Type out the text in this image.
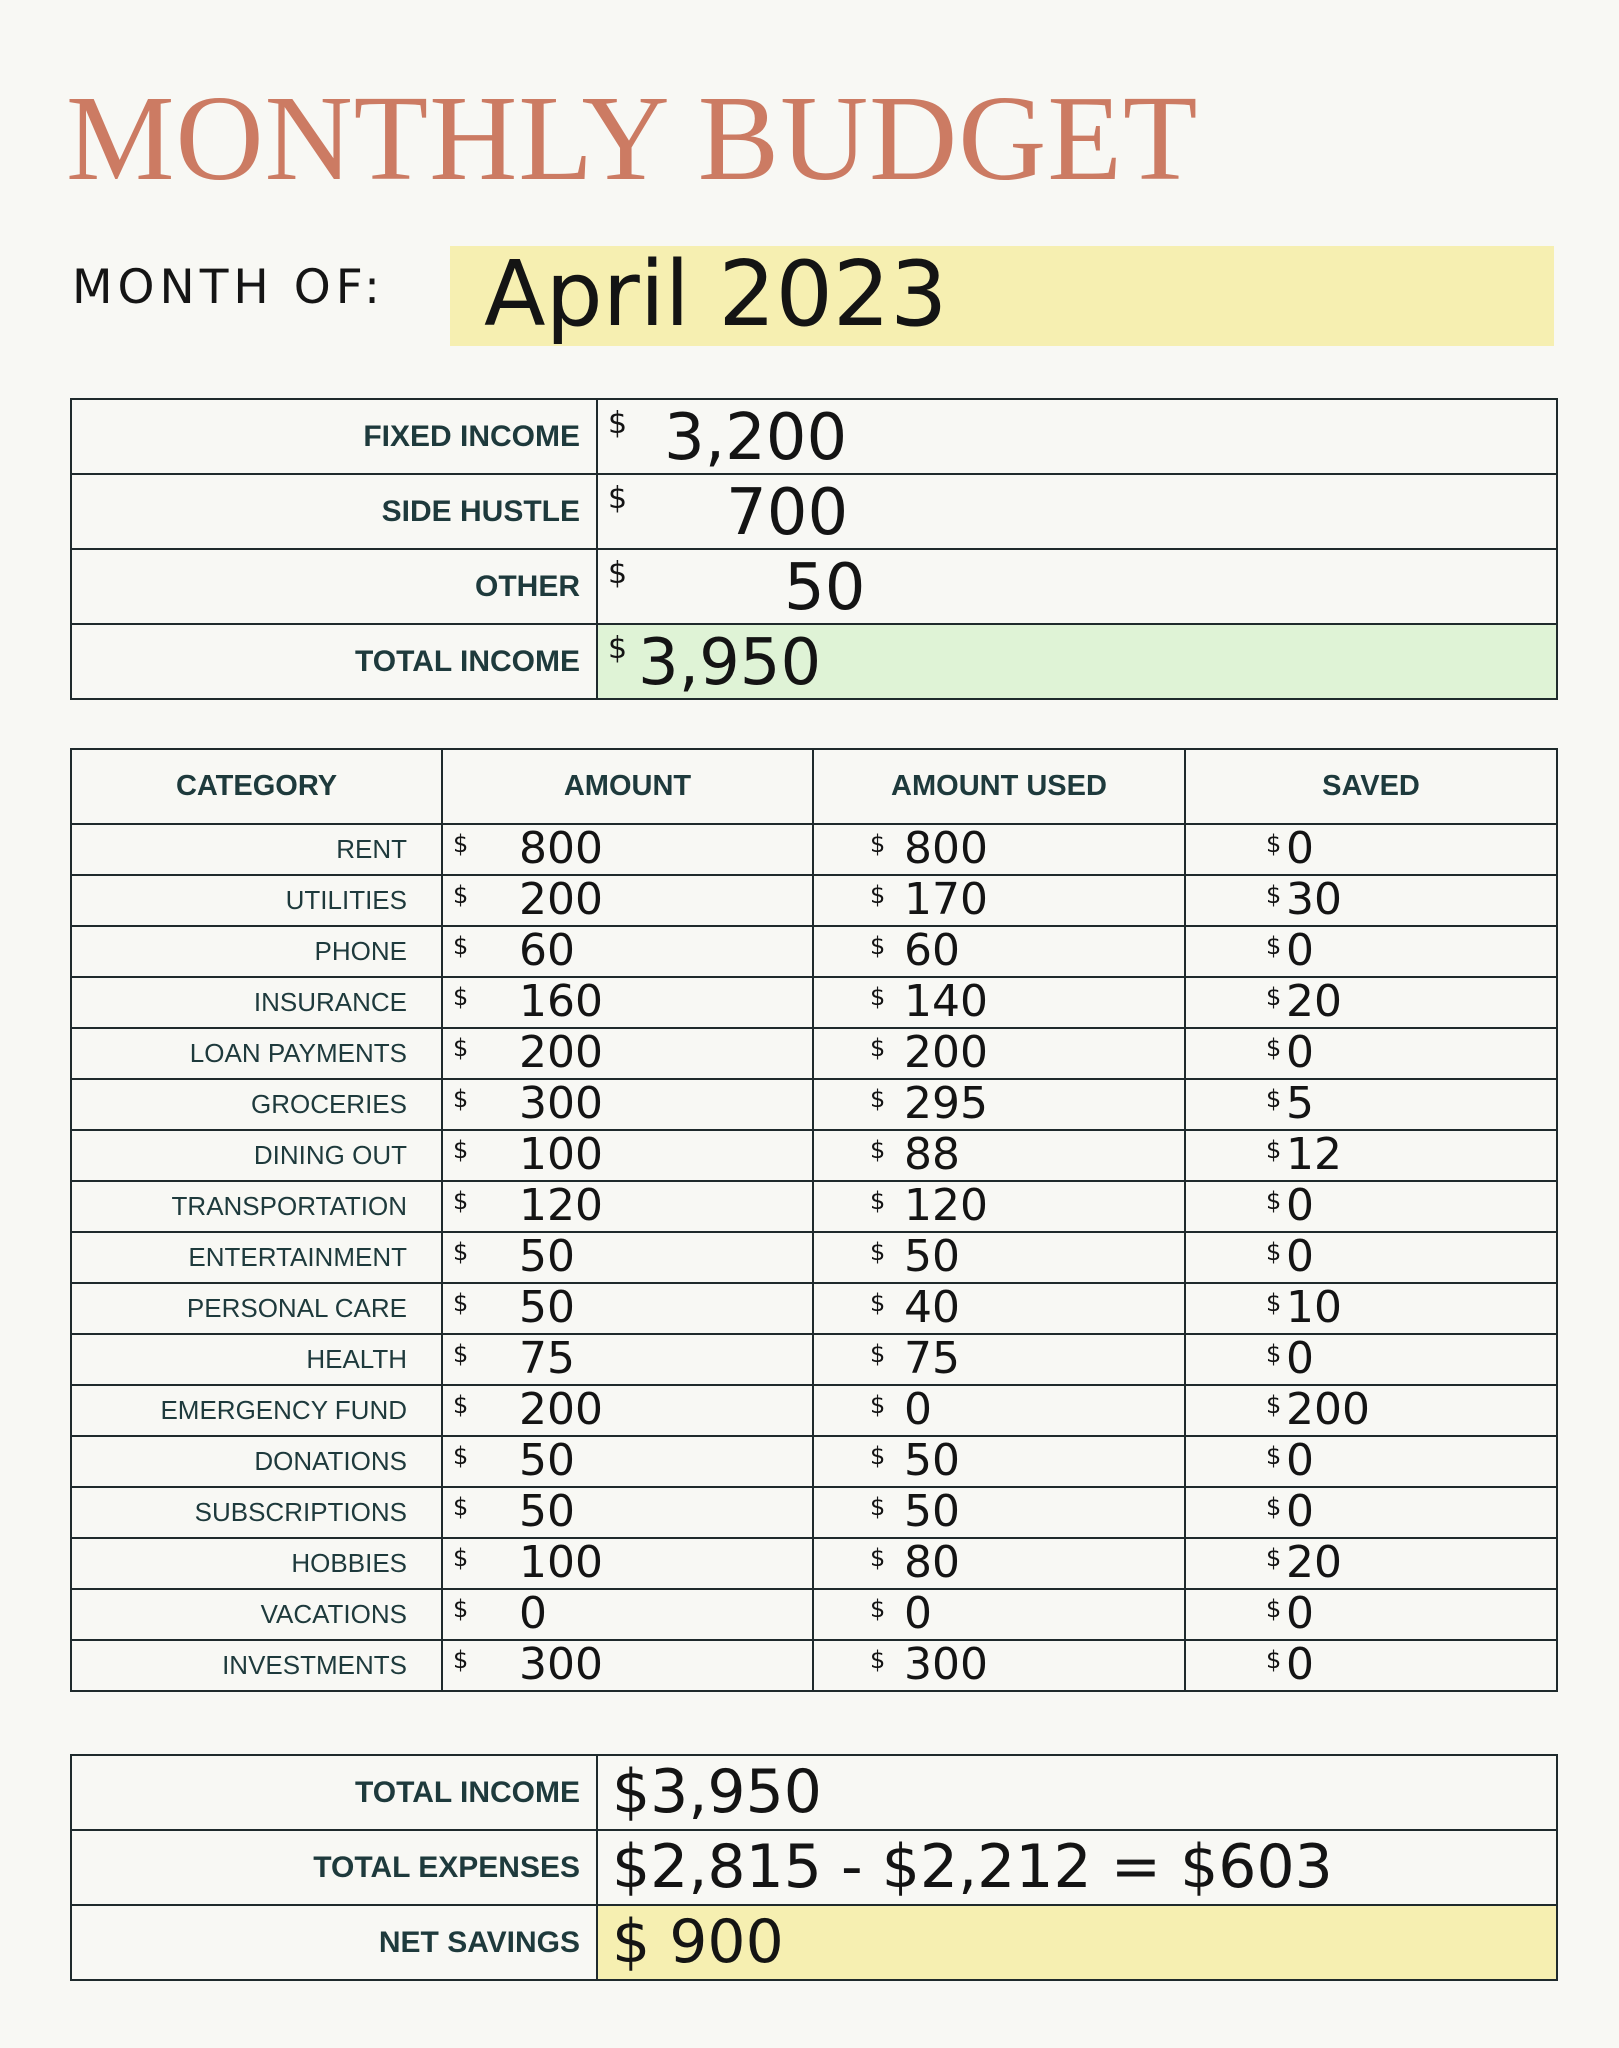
MONTHLY BUDGET
MONTH OF: April 2023
FIXED INCOME	$ 3,200

SIDE HUSTLE	$ 700

OTHER	$ 50

TOTAL INCOME	$ 3,950
CATEGORY	AMOUNT	AMOUNT USED	SAVED
RENT	$ 800	$ 800	$ 0

UTILITIES	$ 200	$ 170	$ 30

PHONE	$ 60	$ 60	$ 0

INSURANCE	$ 160	$ 140	$ 20

LOAN PAYMENTS	$ 200	$ 200	$ 0

GROCERIES	$ 300	$ 295	$ 5

DINING OUT	$ 100	$ 88	$ 12

TRANSPORTATION	$ 120	$ 120	$ 0

ENTERTAINMENT	$ 50	$ 50	$ 0

PERSONAL CARE	$ 50	$ 40	$ 10

HEALTH	$ 75	$ 75	$ 0

EMERGENCY FUND	$ 200	$ 0	$ 200

DONATIONS	$ 50	$ 50	$ 0

SUBSCRIPTIONS	$ 50	$ 50	$ 0

HOBBIES	$ 100	$ 80	$ 20

VACATIONS	$ 0	$ 0	$ 0

INVESTMENTS	$ 300	$ 300	$ 0
TOTAL INCOME	$3,950

TOTAL EXPENSES	$2,815 - $2,212 = $603

NET SAVINGS	$ 900
